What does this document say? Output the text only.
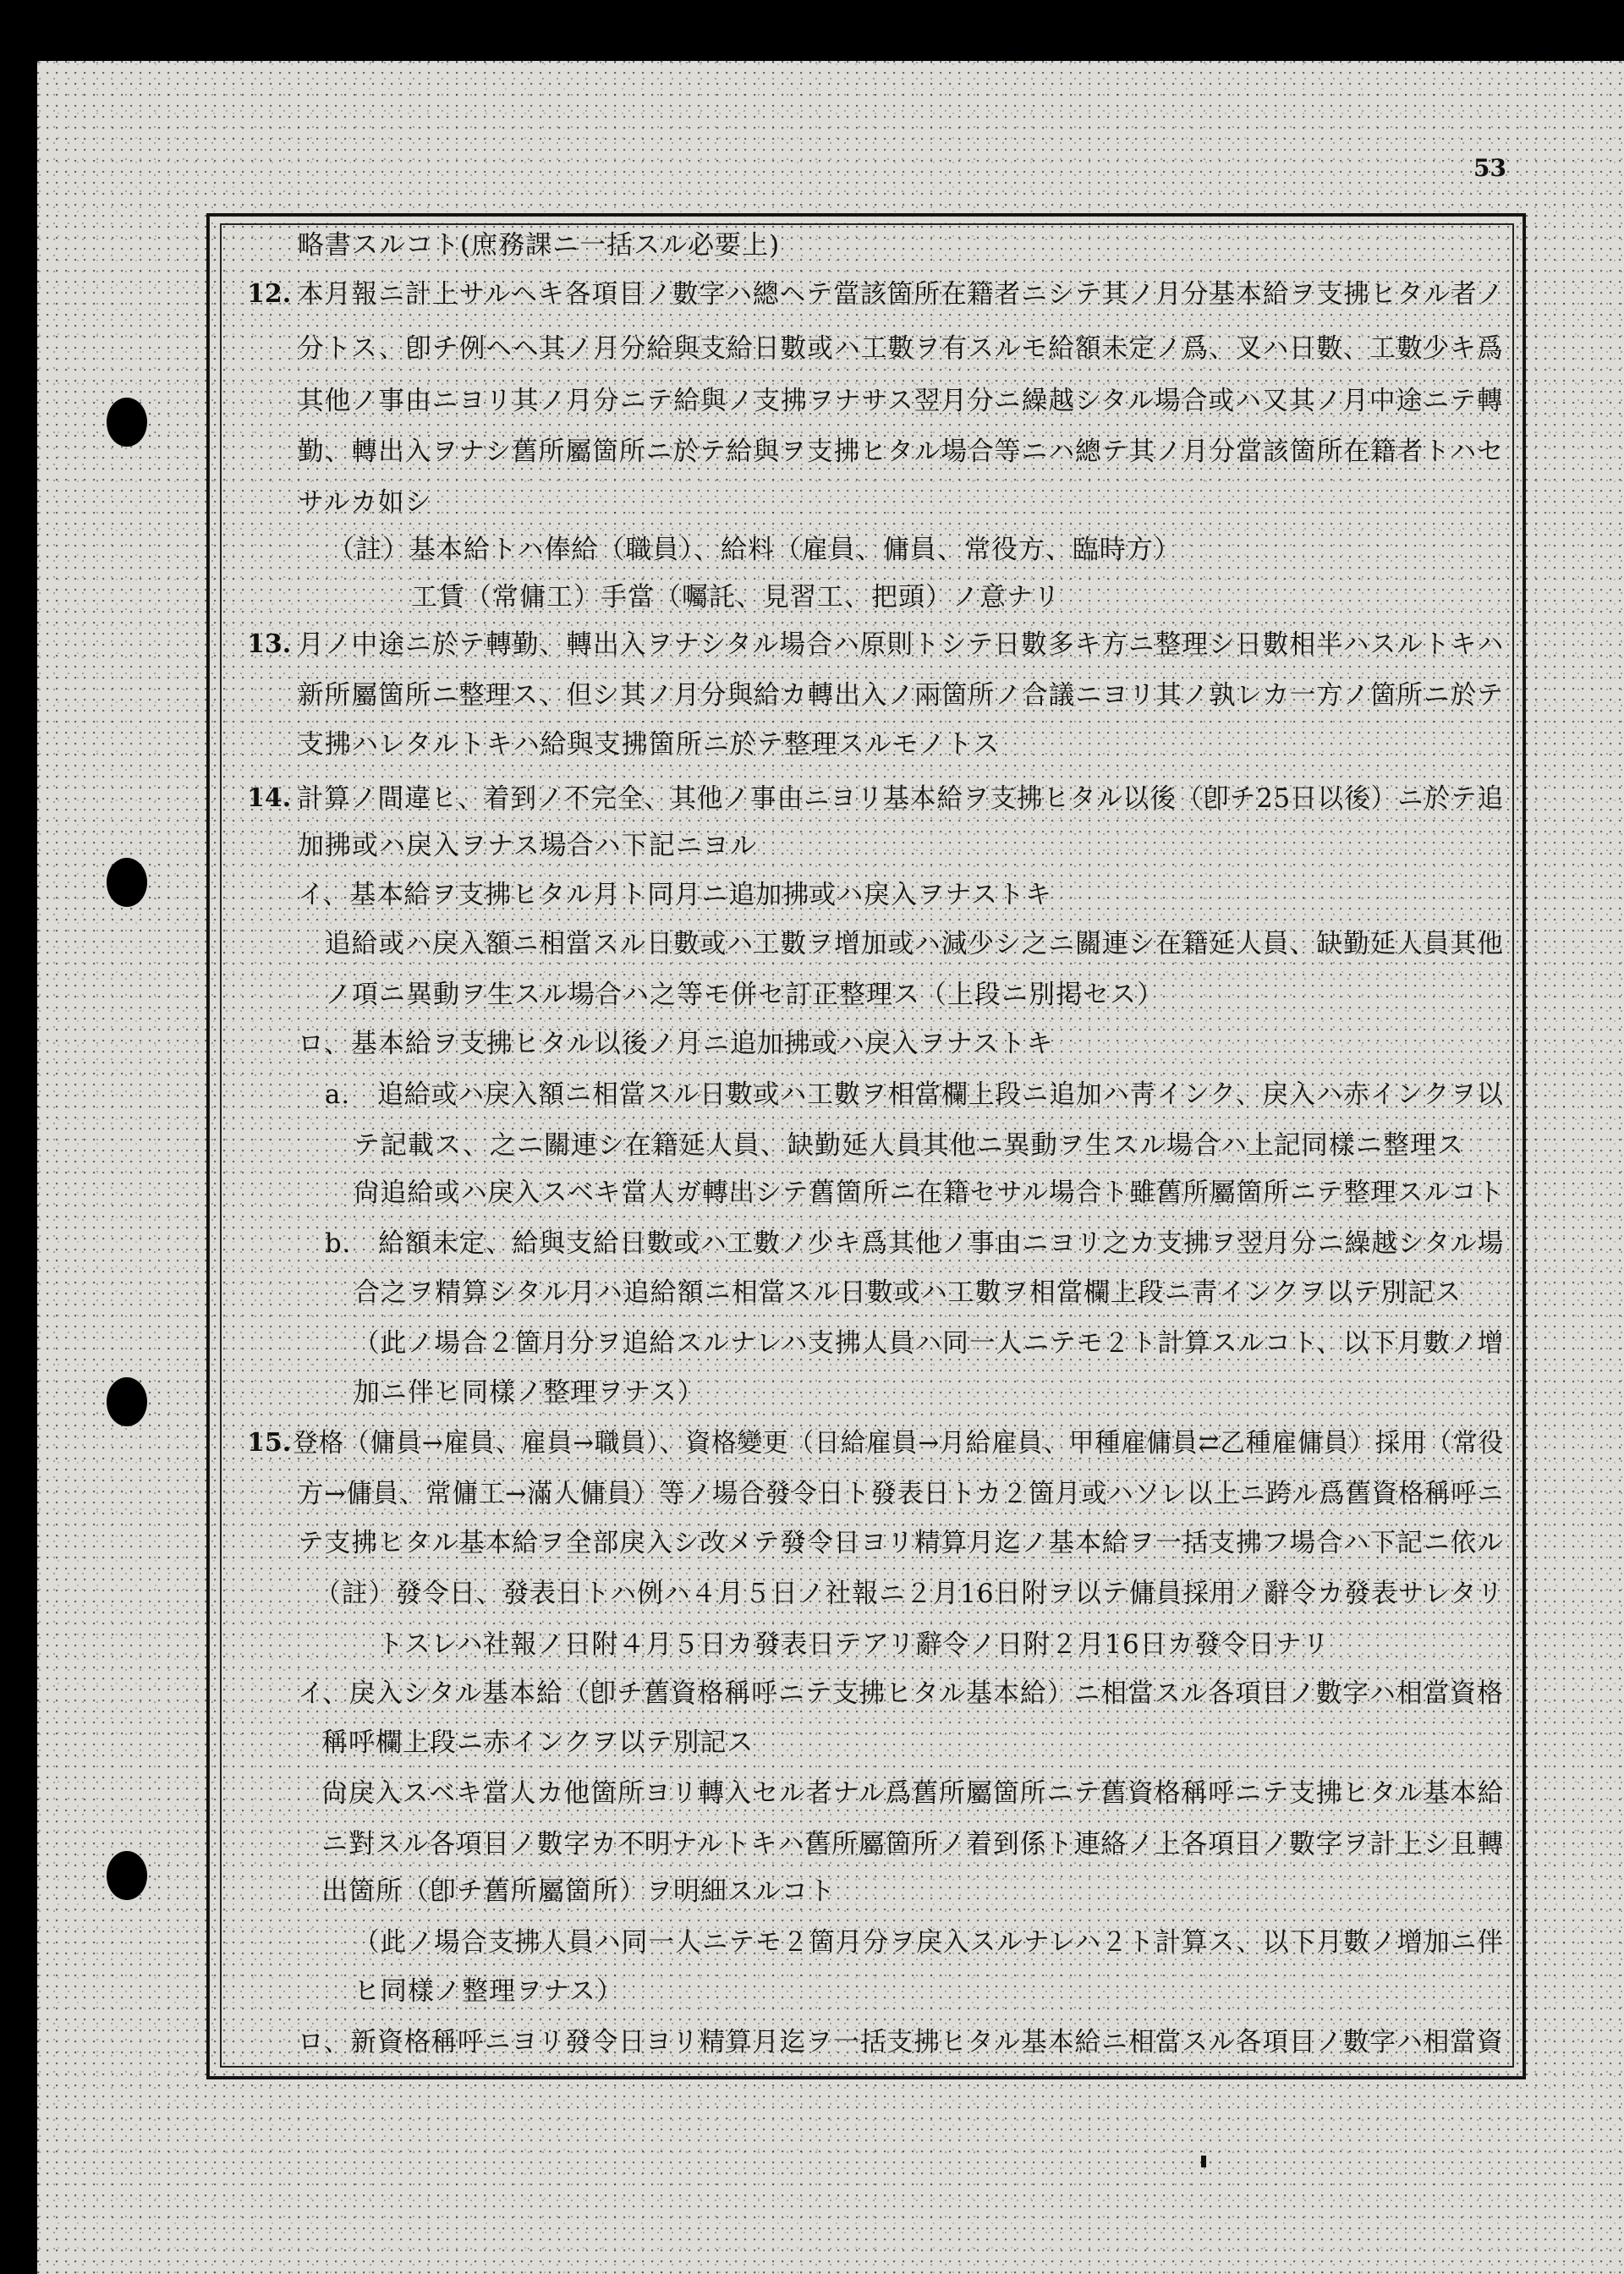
53
略書スルコト(庶務課ニ一括スル必要上)
12. 本月報ニ計上サルヘキ各項目ノ數字ハ總ヘテ當該箇所在籍者ニシテ其ノ月分基本給ヲ支拂ヒタル者ノ
分トス、卽チ例ヘヘ其ノ月分給與支給日數或ハ工數ヲ有スルモ給額未定ノ爲、叉ハ日數、工數少キ爲
其他ノ事由ニヨリ其ノ月分ニテ給與ノ支拂ヲナサス翌月分ニ繰越シタル場合或ハ又其ノ月中途ニテ轉
勤、轉出入ヲナシ舊所屬箇所ニ於テ給與ヲ支拂ヒタル場合等ニハ總テ其ノ月分當該箇所在籍者トハセ
サルカ如シ
（註）基本給トハ俸給（職員）、給料（雇員、傭員、常役方、臨時方）
工賃（常傭工）手當（囑託、見習工、把頭）ノ意ナリ
13. 月ノ中途ニ於テ轉勤、轉出入ヲナシタル場合ハ原則トシテ日數多キ方ニ整理シ日數相半ハスルトキハ
新所屬箇所ニ整理ス、但シ其ノ月分與給カ轉出入ノ兩箇所ノ合議ニヨリ其ノ孰レカ一方ノ箇所ニ於テ
支拂ハレタルトキハ給與支拂箇所ニ於テ整理スルモノトス
14. 計算ノ間違ヒ、着到ノ不完全、其他ノ事由ニヨリ基本給ヲ支拂ヒタル以後（卽チ25日以後）ニ於テ追
加拂或ハ戾入ヲナス場合ハ下記ニヨル
イ、基本給ヲ支拂ヒタル月ト同月ニ追加拂或ハ戾入ヲナストキ
追給或ハ戾入額ニ相當スル日數或ハ工數ヲ增加或ハ減少シ之ニ關連シ在籍延人員、缺勤延人員其他
ノ項ニ異動ヲ生スル場合ハ之等モ併セ訂正整理ス（上段ニ別掲セス）
ロ、基本給ヲ支拂ヒタル以後ノ月ニ追加拂或ハ戾入ヲナストキ
a.　追給或ハ戾入額ニ相當スル日數或ハ工數ヲ相當欄上段ニ追加ハ靑インク、戾入ハ赤インクヲ以
テ記載ス、之ニ關連シ在籍延人員、缺勤延人員其他ニ異動ヲ生スル場合ハ上記同樣ニ整理ス
尙追給或ハ戾入スベキ當人ガ轉出シテ舊箇所ニ在籍セサル場合ト雖舊所屬箇所ニテ整理スルコト
b.　給額未定、給與支給日數或ハ工數ノ少キ爲其他ノ事由ニヨリ之カ支拂ヲ翌月分ニ繰越シタル場
合之ヲ精算シタル月ハ追給額ニ相當スル日數或ハ工數ヲ相當欄上段ニ靑インクヲ以テ別記ス
（此ノ場合２箇月分ヲ追給スルナレハ支拂人員ハ同一人ニテモ２ト計算スルコト、以下月數ノ增
加ニ伴ヒ同樣ノ整理ヲナス）
15. 登格（傭員→雇員、雇員→職員）、資格變更（日給雇員→月給雇員、甲種雇傭員⇄乙種雇傭員）採用（常役
方→傭員、常傭工→滿人傭員）等ノ場合發令日ト發表日トカ２箇月或ハソレ以上ニ跨ル爲舊資格稱呼ニ
テ支拂ヒタル基本給ヲ全部戾入シ改メテ發令日ヨリ精算月迄ノ基本給ヲ一括支拂フ場合ハ下記ニ依ル
（註）發令日、發表日トハ例ハ４月５日ノ社報ニ２月16日附ヲ以テ傭員採用ノ辭令カ發表サレタリ
トスレハ社報ノ日附４月５日カ發表日テアリ辭令ノ日附２月16日カ發令日ナリ
イ、戾入シタル基本給（卽チ舊資格稱呼ニテ支拂ヒタル基本給）ニ相當スル各項目ノ數字ハ相當資格
稱呼欄上段ニ赤インクヲ以テ別記ス
尙戾入スベキ當人カ他箇所ヨリ轉入セル者ナル爲舊所屬箇所ニテ舊資格稱呼ニテ支拂ヒタル基本給
ニ對スル各項目ノ數字カ不明ナルトキハ舊所屬箇所ノ着到係ト連絡ノ上各項目ノ數字ヲ計上シ且轉
出箇所（卽チ舊所屬箇所）ヲ明細スルコト
（此ノ場合支拂人員ハ同一人ニテモ２箇月分ヲ戾入スルナレハ２ト計算ス、以下月數ノ增加ニ伴
ヒ同樣ノ整理ヲナス）
ロ、新資格稱呼ニヨリ發令日ヨリ精算月迄ヲ一括支拂ヒタル基本給ニ相當スル各項目ノ數字ハ相當資
